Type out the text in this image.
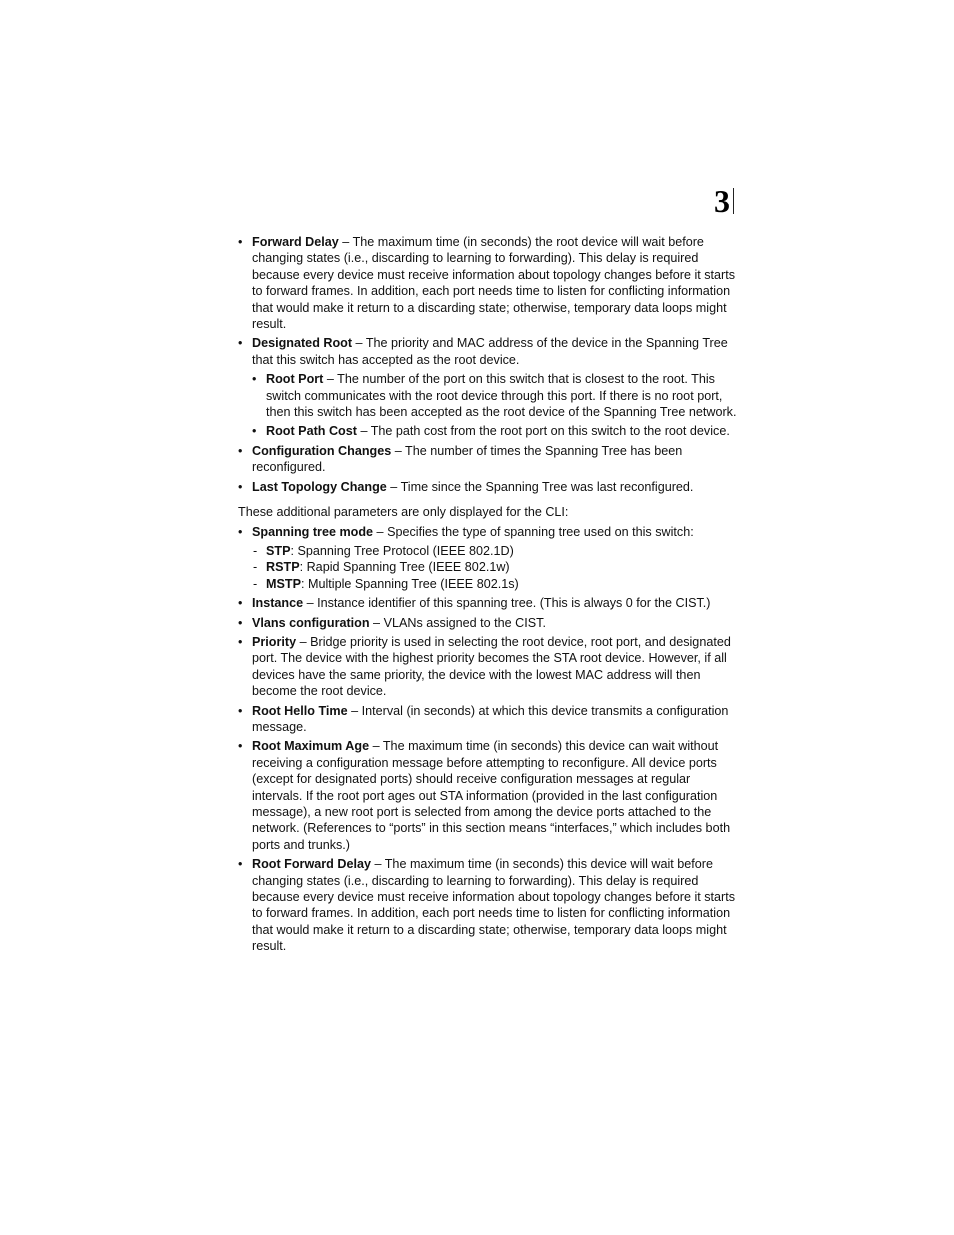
3
• Forward Delay – The maximum time (in seconds) the root device will wait before changing states (i.e., discarding to learning to forwarding). This delay is required because every device must receive information about topology changes before it starts to forward frames. In addition, each port needs time to listen for conflicting information that would make it return to a discarding state; otherwise, temporary data loops might result.
• Designated Root – The priority and MAC address of the device in the Spanning Tree that this switch has accepted as the root device.
• Root Port – The number of the port on this switch that is closest to the root. This switch communicates with the root device through this port. If there is no root port, then this switch has been accepted as the root device of the Spanning Tree network.
• Root Path Cost – The path cost from the root port on this switch to the root device.
• Configuration Changes – The number of times the Spanning Tree has been reconfigured.
• Last Topology Change – Time since the Spanning Tree was last reconfigured.
These additional parameters are only displayed for the CLI:
• Spanning tree mode – Specifies the type of spanning tree used on this switch:
- STP: Spanning Tree Protocol (IEEE 802.1D)
- RSTP: Rapid Spanning Tree (IEEE 802.1w)
- MSTP: Multiple Spanning Tree (IEEE 802.1s)
• Instance – Instance identifier of this spanning tree. (This is always 0 for the CIST.)
• Vlans configuration – VLANs assigned to the CIST.
• Priority – Bridge priority is used in selecting the root device, root port, and designated port. The device with the highest priority becomes the STA root device. However, if all devices have the same priority, the device with the lowest MAC address will then become the root device.
• Root Hello Time – Interval (in seconds) at which this device transmits a configuration message.
• Root Maximum Age – The maximum time (in seconds) this device can wait without receiving a configuration message before attempting to reconfigure. All device ports (except for designated ports) should receive configuration messages at regular intervals. If the root port ages out STA information (provided in the last configuration message), a new root port is selected from among the device ports attached to the network. (References to “ports” in this section means “interfaces,” which includes both ports and trunks.)
• Root Forward Delay – The maximum time (in seconds) this device will wait before changing states (i.e., discarding to learning to forwarding). This delay is required because every device must receive information about topology changes before it starts to forward frames. In addition, each port needs time to listen for conflicting information that would make it return to a discarding state; otherwise, temporary data loops might result.
